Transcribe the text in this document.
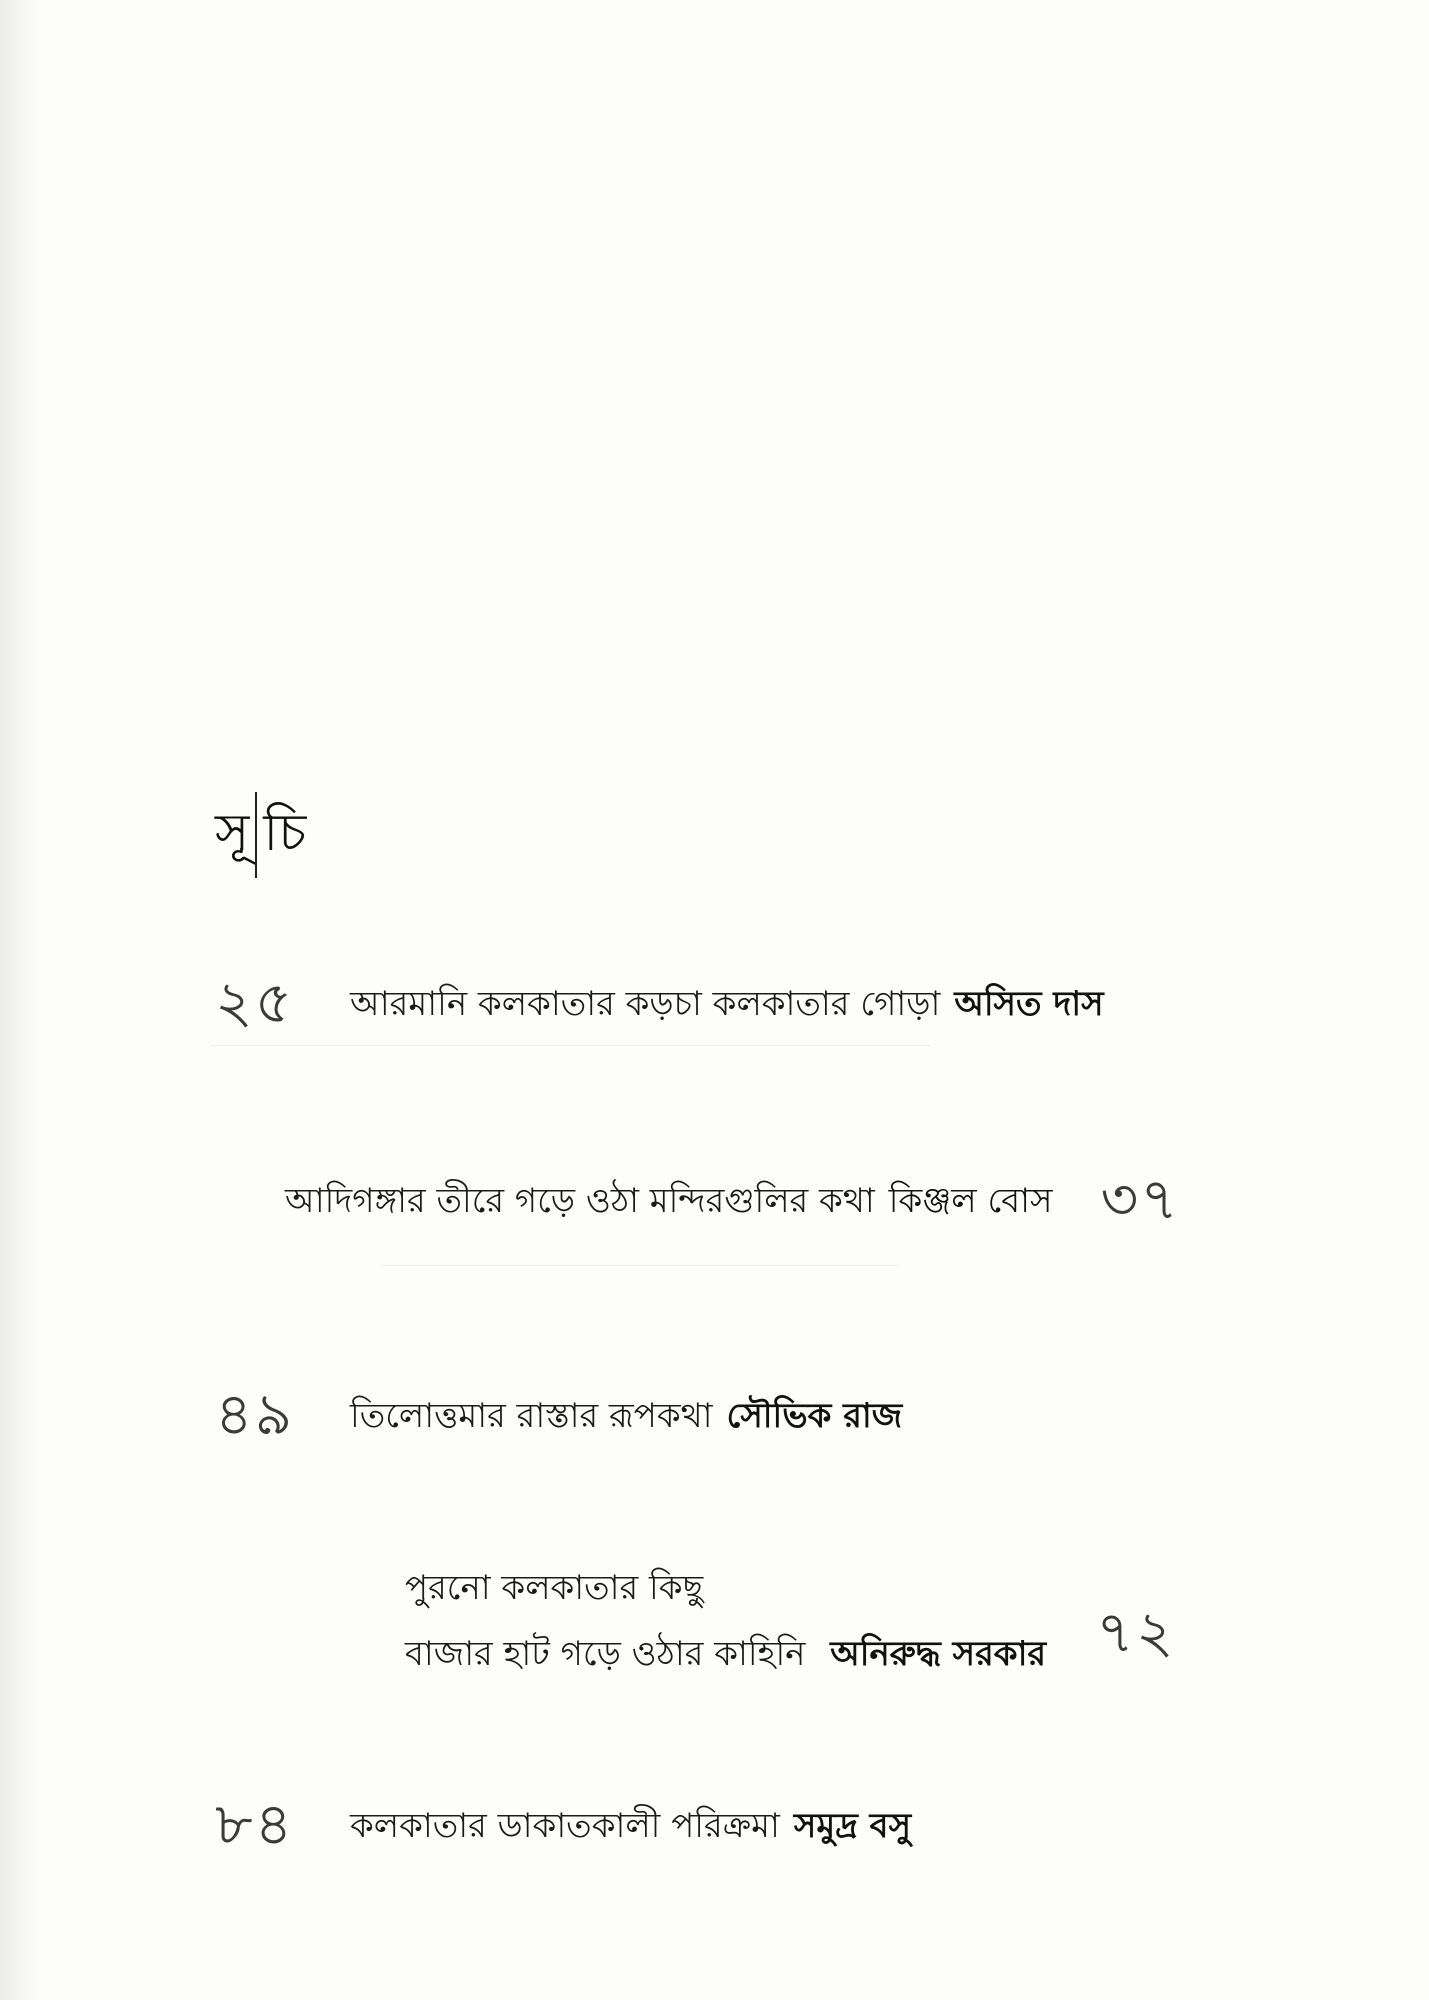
সূ চি
২৫	আরমানি কলকাতার কড়চা কলকাতার গোড়া অসিত দাস
আদিগঙ্গার তীরে গড়ে ওঠা মন্দিরগুলির কথা কিঞ্জল বোস ৩৭
৪৯	তিলোত্তমার রাস্তার রূপকথা সৌভিক রাজ
পুরনো কলকাতার কিছু
বাজার হাট গড়ে ওঠার কাহিনি অনিরুদ্ধ সরকার ৭২
৮৪	কলকাতার ডাকাতকালী পরিক্রমা সমুদ্র বসু
